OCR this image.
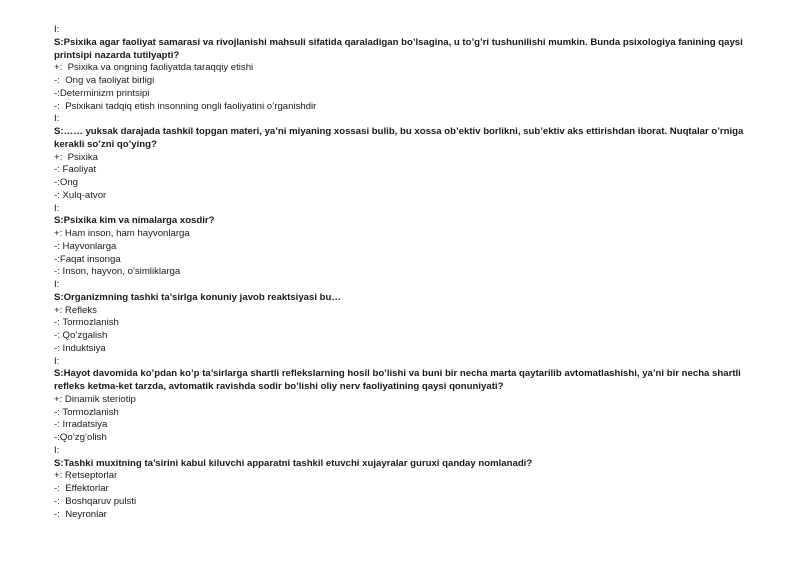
I:
S:Psixika agar faoliyat samarasi va rivojlanishi mahsuli sifatida qaraladigan bo’lsagina, u to’g’ri tushunilishi mumkin. Bunda psixologiya fanining qaysi printsipi nazarda tutilyapti?
+:  Psixika va ongning faoliyatda taraqqiy etishi
-:  Ong va faoliyat birligi
-:Determinizm printsipi
-:  Psixikani tadqiq etish insonning ongli faoliyatini o’rganishdir
I:
S:…… yuksak darajada tashkil topgan materi, ya’ni miyaning xossasi bulib, bu xossa ob’ektiv borlikni, sub’ektiv aks ettirishdan iborat. Nuqtalar o’rniga kerakli so’zni qo’ying?
+:  Psixika
-: Faoliyat
-:Ong
-: Xulq-atvor
I:
S:Psixika kim va nimalarga xosdir?
+: Ham inson, ham hayvonlarga
-: Hayvonlarga
-:Faqat insonga
-: Inson, hayvon, o’simliklarga
I:
S:Organizmning tashki ta’sirlga konuniy javob reaktsiyasi bu…
+: Refleks
-: Tormozlanish
-: Qo’zgalish
-: Induktsiya
I:
S:Hayot davomida ko’pdan ko’p ta’sirlarga shartli reflekslarning hosil bo’lishi va buni bir necha marta qaytarilib avtomatlashishi, ya’ni bir necha shartli refleks ketma-ket tarzda, avtomatik ravishda sodir bo’lishi oliy nerv faoliyatining qaysi qonuniyati?
+: Dinamik steriotip
-: Tormozlanish
-: Irradatsiya
-:Qo’zg’olish
I:
S:Tashki muxitning ta’sirini kabul kiluvchi apparatni tashkil etuvchi xujayralar guruxi qanday nomlanadi?
+: Retseptorlar
-:  Effektorlar
-:  Boshqaruv pulsti
-:  Neyronlar
